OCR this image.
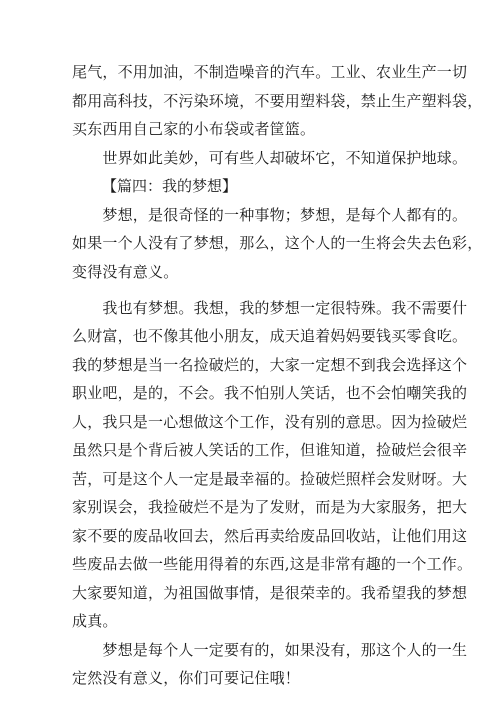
尾气，不用加油，不制造噪音的汽车。工业、农业生产一切
都用高科技，不污染环境，不要用塑料袋，禁止生产塑料袋，
买东西用自己家的小布袋或者筐篮。
　　世界如此美妙，可有些人却破坏它，不知道保护地球。
【篇四：我的梦想】
　　梦想，是很奇怪的一种事物；梦想，是每个人都有的。
如果一个人没有了梦想，那么，这个人的一生将会失去色彩，
变得没有意义。
　　我也有梦想。我想，我的梦想一定很特殊。我不需要什
么财富，也不像其他小朋友，成天追着妈妈要钱买零食吃。
我的梦想是当一名捡破烂的，大家一定想不到我会选择这个
职业吧，是的，不会。我不怕别人笑话，也不会怕嘲笑我的
人，我只是一心想做这个工作，没有别的意思。因为捡破烂
虽然只是个背后被人笑话的工作，但谁知道，捡破烂会很辛
苦，可是这个人一定是最幸福的。捡破烂照样会发财呀。大
家别误会，我捡破烂不是为了发财，而是为大家服务，把大
家不要的废品收回去，然后再卖给废品回收站，让他们用这
些废品去做一些能用得着的东西,这是非常有趣的一个工作。
大家要知道，为祖国做事情，是很荣幸的。我希望我的梦想
成真。
　　梦想是每个人一定要有的，如果没有，那这个人的一生
定然没有意义，你们可要记住哦！
